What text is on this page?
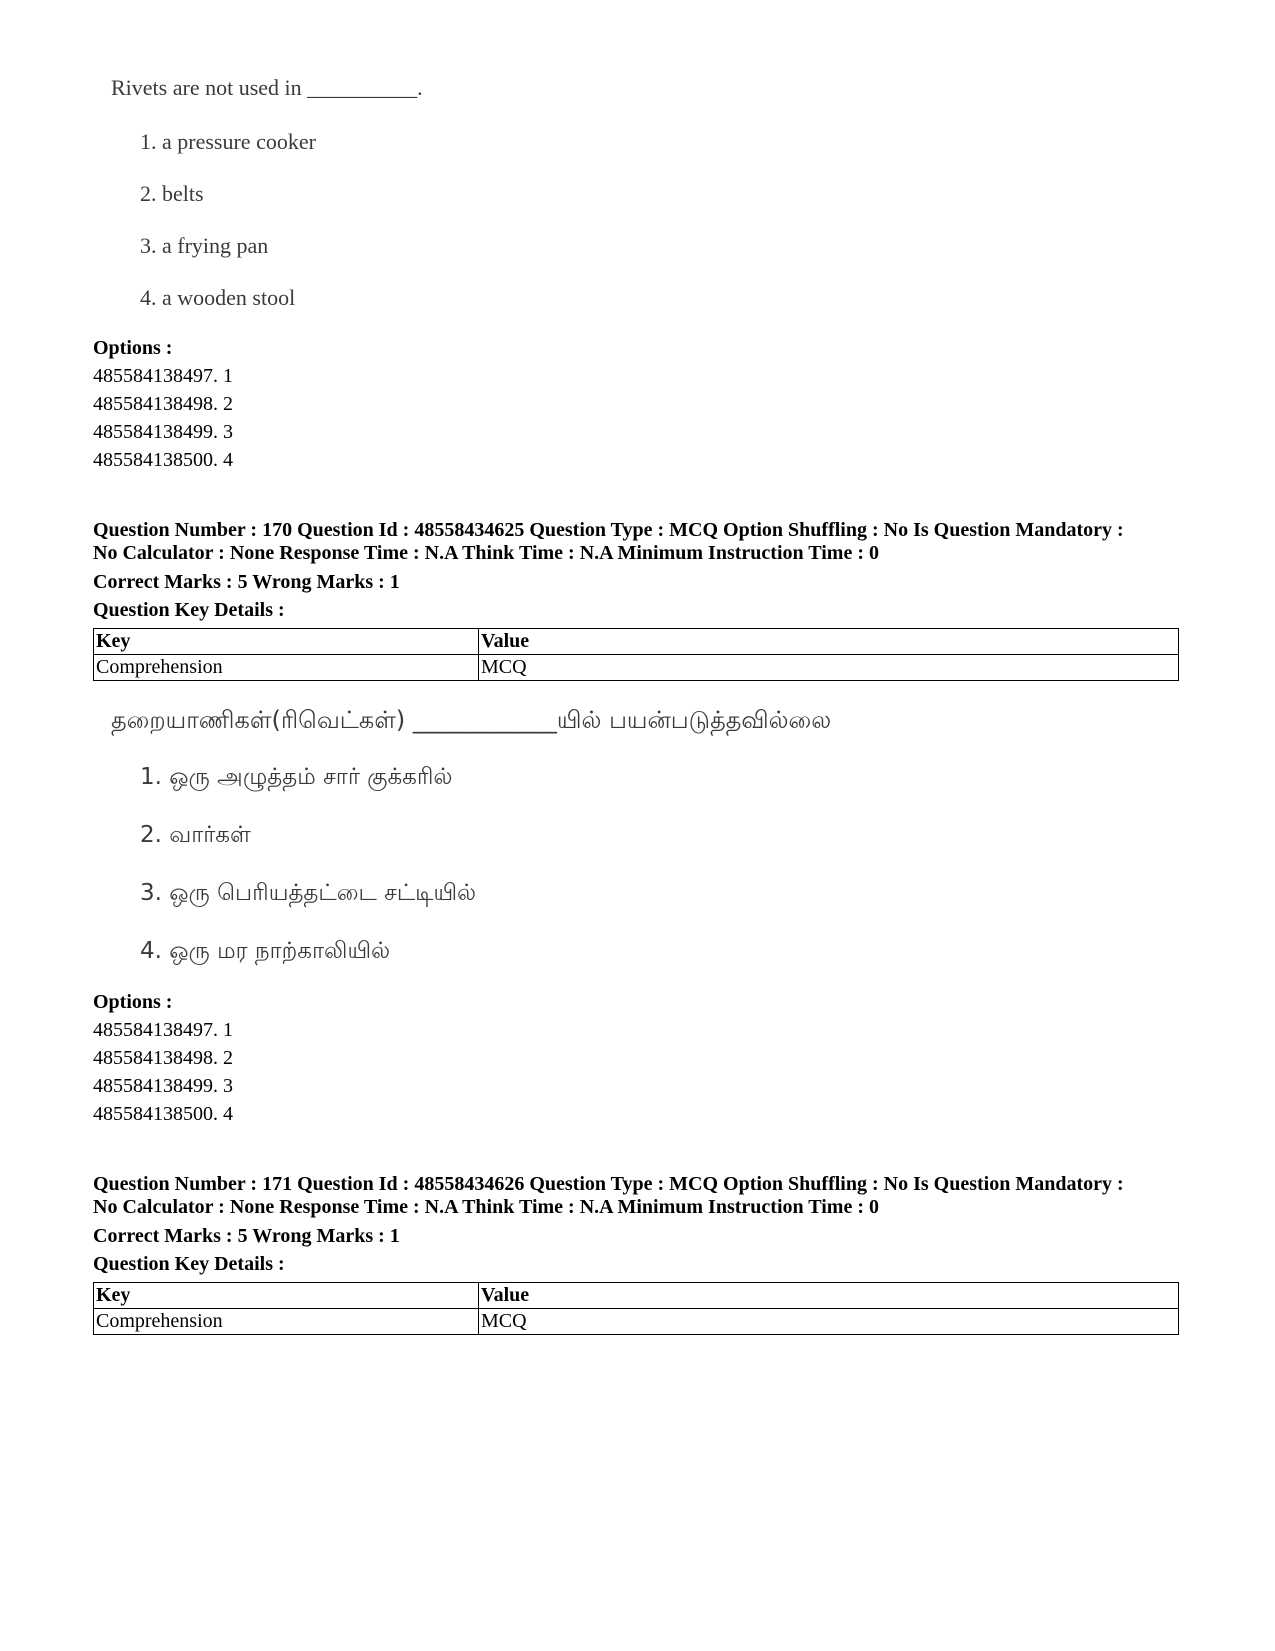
Rivets are not used in __________.
1. a pressure cooker
2. belts
3. a frying pan
4. a wooden stool
Options :
485584138497. 1
485584138498. 2
485584138499. 3
485584138500. 4
Question Number : 170 Question Id : 48558434625 Question Type : MCQ Option Shuffling : No Is Question Mandatory :
No Calculator : None Response Time : N.A Think Time : N.A Minimum Instruction Time : 0
Correct Marks : 5 Wrong Marks : 1
Question Key Details :
Key	Value
Comprehension	MCQ
தறையாணிகள்(ரிவெட்கள்) ____________யில் பயன்படுத்தவில்லை
1. ஒரு அழுத்தம் சார் குக்கரில்
2. வார்கள்
3. ஒரு பெரியத்தட்டை சட்டியில்
4. ஒரு மர நாற்காலியில்
Options :
485584138497. 1
485584138498. 2
485584138499. 3
485584138500. 4
Question Number : 171 Question Id : 48558434626 Question Type : MCQ Option Shuffling : No Is Question Mandatory :
No Calculator : None Response Time : N.A Think Time : N.A Minimum Instruction Time : 0
Correct Marks : 5 Wrong Marks : 1
Question Key Details :
Key	Value
Comprehension	MCQ
